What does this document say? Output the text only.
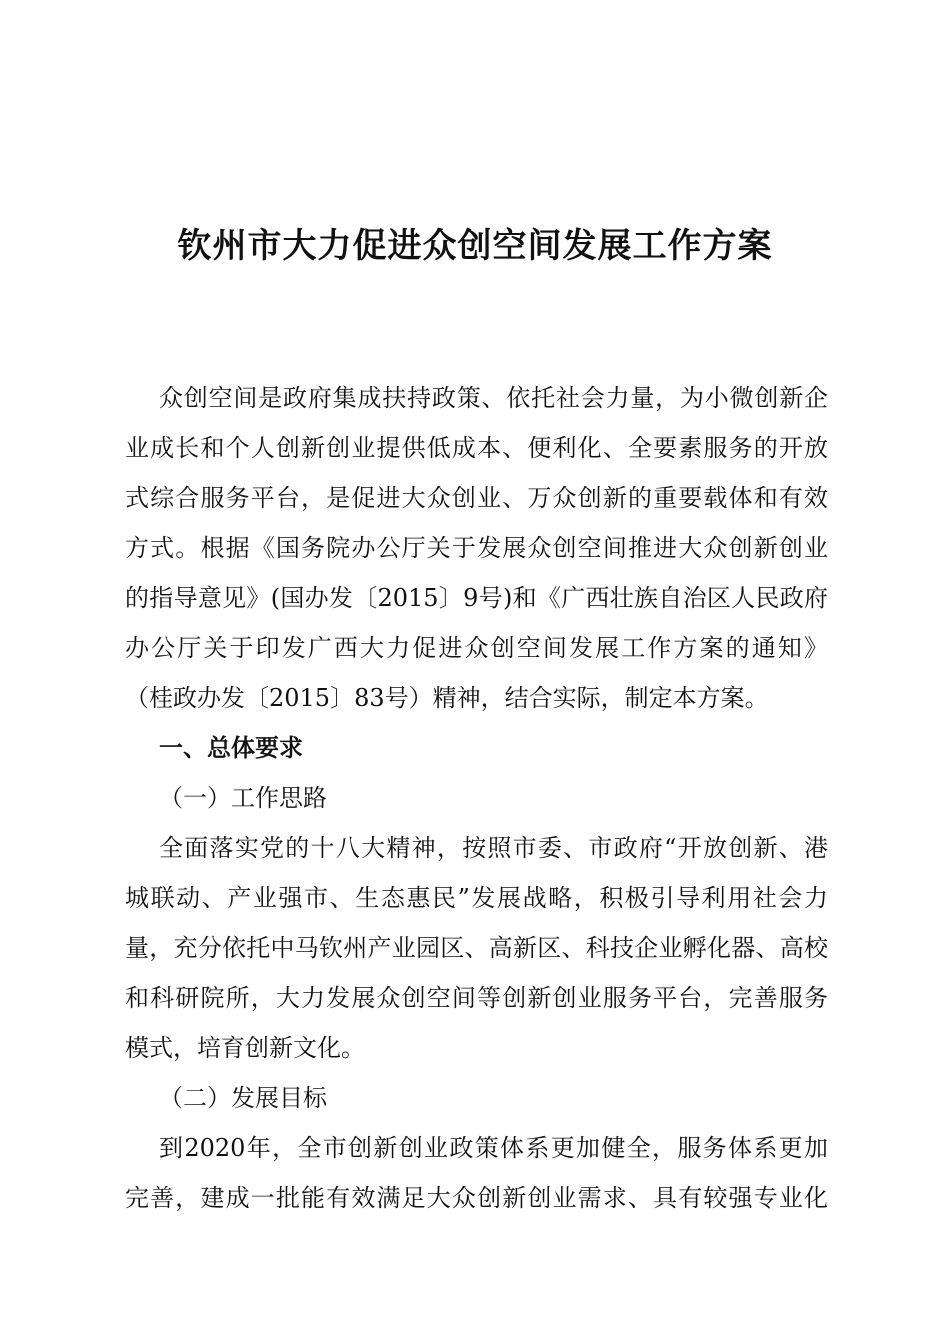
钦州市大力促进众创空间发展工作方案
众创空间是政府集成扶持政策、依托社会力量，为小微创新企
业成长和个人创新创业提供低成本、便利化、全要素服务的开放
式综合服务平台，是促进大众创业、万众创新的重要载体和有效
方式。根据《国务院办公厅关于发展众创空间推进大众创新创业
的指导意见》(国办发〔2015〕9号)和《广西壮族自治区人民政府
办公厅关于印发广西大力促进众创空间发展工作方案的通知》
（桂政办发〔2015〕83号）精神，结合实际，制定本方案。
一、总体要求
（一）工作思路
全面落实党的十八大精神，按照市委、市政府“开放创新、港
城联动、产业强市、生态惠民”发展战略，积极引导利用社会力
量，充分依托中马钦州产业园区、高新区、科技企业孵化器、高校
和科研院所，大力发展众创空间等创新创业服务平台，完善服务
模式，培育创新文化。
（二）发展目标
到2020年，全市创新创业政策体系更加健全，服务体系更加
完善，建成一批能有效满足大众创新创业需求、具有较强专业化
